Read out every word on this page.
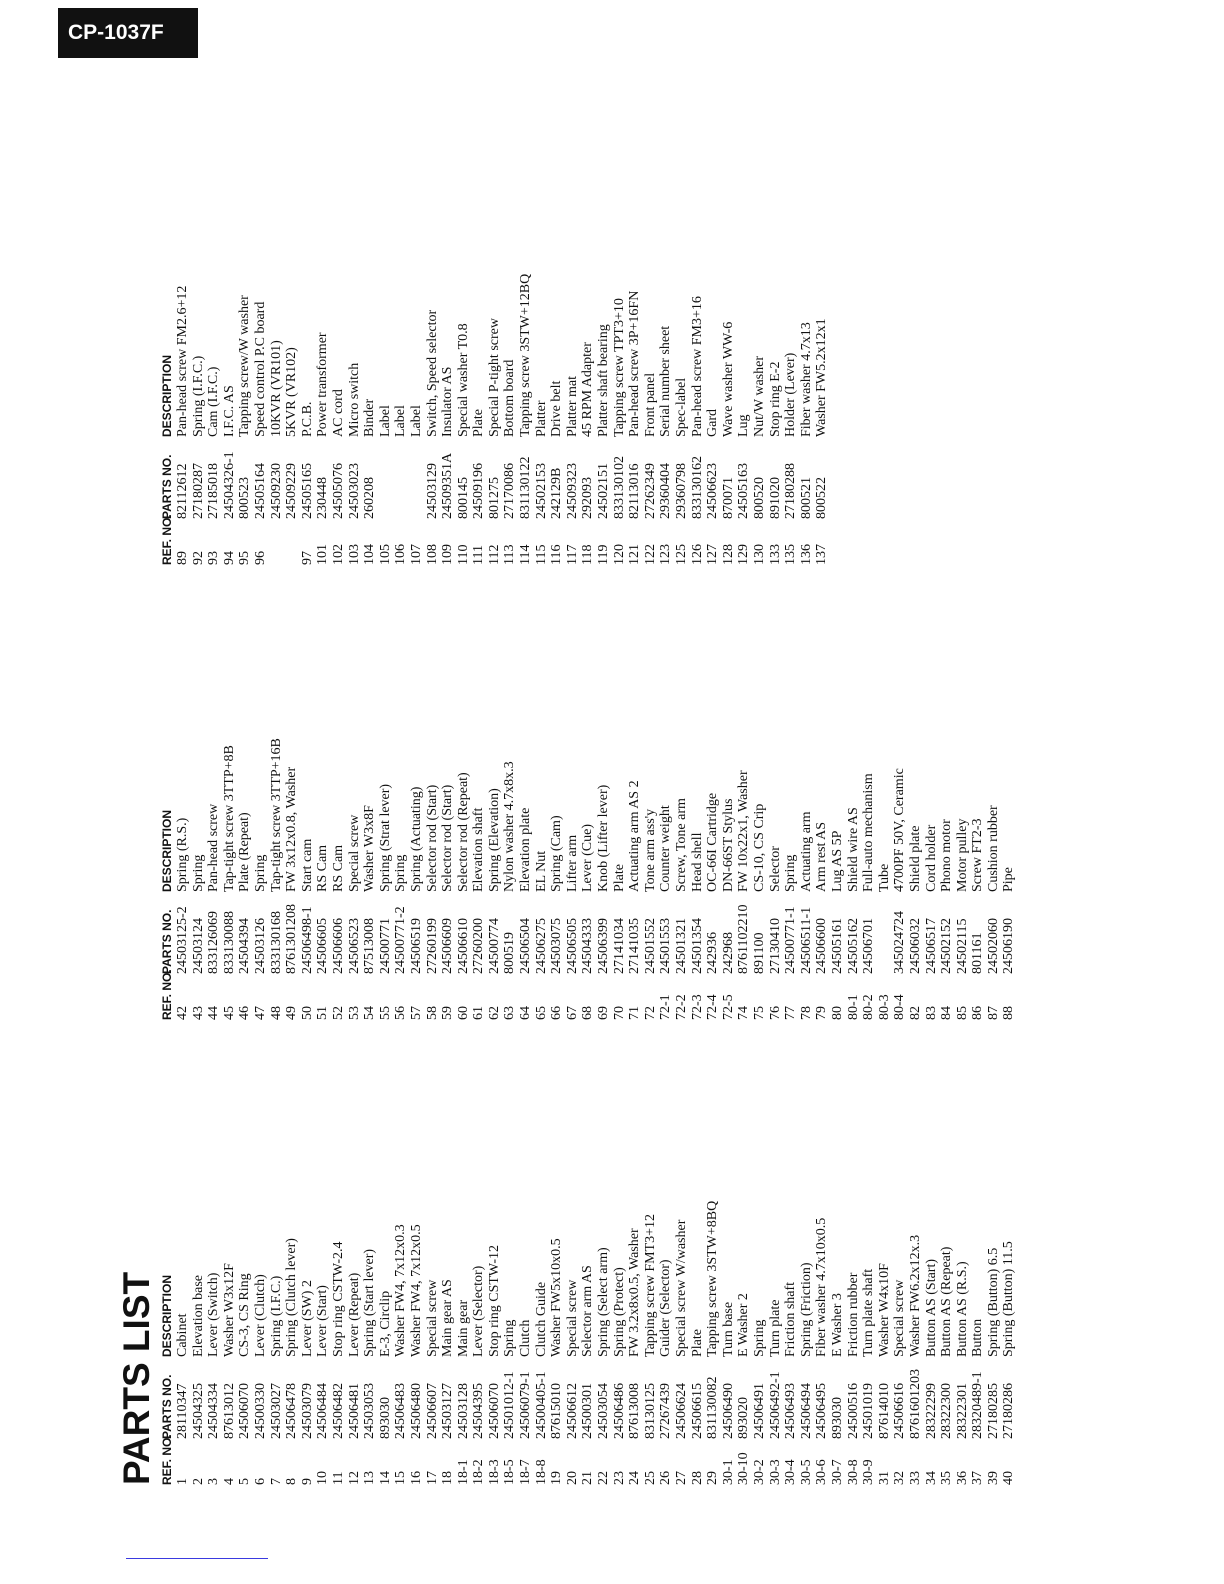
CP-1037F
PARTS LIST REF. NO.
PARTS NO.
DESCRIPTION
1
28110347
Cabinet
2
24504325
Elevation base
3
24504334
Lever (Switch)
4
87613012
Washer W3x12F
5
24506070
CS-3, CS Ring
6
24500330
Lever (Clutch)
7
24503027
Spring (I.F.C.)
8
24506478
Spring (Clutch lever)
9
24503079
Lever (SW) 2
10
24506484
Lever (Start)
11
24506482
Stop ring CSTW-2.4
12
24506481
Lever (Repeat)
13
24503053
Spring (Start lever)
14
893030
E-3, Circlip
15
24506483
Washer FW4, 7x12x0.3
16
24506480
Washer FW4, 7x12x0.5
17
24506607
Special screw
18
24503127
Main gear AS
18-1
24503128
Main gear
18-2
24504395
Lever (Selector)
18-3
24506070
Stop ring CSTW-12
18-5
24501012-1
Spring
18-7
24506079-1
Clutch
18-8
24500405-1
Clutch Guide
19
87615010
Washer FW5x10x0.5
20
24506612
Special screw
21
24500301
Selector arm AS
22
24503054
Spring (Select arm)
23
24506486
Spring (Protect)
24
87613008
FW 3.2x8x0.5, Washer
25
83130125
Tapping screw FMT3+12
26
27267439
Guider (Selector)
27
24506624
Special screw W/washer
28
24506615
Plate
29
831130082
Tapping screw 3STW+8BQ
30-1
24506490
Turn base
30-10
893020
E Washer 2
30-2
24506491
Spring
30-3
24506492-1
Turn plate
30-4
24506493
Friction shaft
30-5
24506494
Spring (Friction)
30-6
24506495
Fiber washer 4.7x10x0.5
30-7
893030
E Washer 3
30-8
24500516
Friction rubber
30-9
24501019
Turn plate shaft
31
87614010
Washer W4x10F
32
24506616
Special screw
33
8761601203
Washer FW6.2x12x.3
34
28322299
Button AS (Start)
35
28322300
Button AS (Repeat)
36
28322301
Button AS (R.S.)
37
28320489-1
Button
39
27180285
Spring (Button) 6.5
40
27180286
Spring (Button) 11.5
REF. NO.
PARTS NO.
DESCRIPTION
42
24503125-2
Spring (R.S.)
43
24503124
Spring
44
833126069
Pan-head screw
45
833130088
Tap-tight screw 3TTP+8B
46
24504394
Plate (Repeat)
47
24503126
Spring
48
833130168
Tap-tight screw 3TTP+16B
49
8761301208
FW 3x12x0.8, Washer
50
24506498-1
Start cam
51
24506605
RS Cam
52
24506606
RS Cam
53
24506523
Special screw
54
87513008
Washer W3x8F
55
24500771
Spring (Strat lever)
56
24500771-2
Spring
57
24506519
Spring (Actuating)
58
27260199
Selector rod (Start)
59
24506609
Selector rod (Start)
60
24506610
Selector rod (Repeat)
61
27260200
Elevation shaft
62
24500774
Spring (Elevation)
63
800519
Nylon washer 4.7x8x.3
64
24506504
Elevation plate
65
24506275
EL Nut
66
24503075
Spring (Cam)
67
24506505
Lifter arm
68
24504333
Lever (Cue)
69
24506399
Knob (Lifter lever)
70
27141034
Plate
71
27141035
Actuating arm AS 2
72
24501552
Tone arm ass'y
72-1
24501553
Counter weight
72-2
24501321
Screw, Tone arm
72-3
24501354
Head shell
72-4
242936
OC-66I Cartridge
72-5
242968
DN-66ST Stylus
74
8761102210
FW 10x22x1, Washer
75
891100
CS-10, CS Crip
76
27130410
Selector
77
24500771-1
Spring
78
24506511-1
Actuating arm
79
24506600
Arm rest AS
80
24505161
Lug AS 5P
80-1
24505162
Shield wire AS
80-2
24506701
Full-auto mechanism
80-3
Tube
80-4
345024724
4700PF 50V, Ceramic
82
24506032
Shield plate
83
24506517
Cord holder
84
24502152
Phono motor
85
24502115
Motor pulley
86
801161
Screw FT2-3
87
24502060
Cushion rubber
88
24506190
Pipe
REF. NO.
PARTS NO.
DESCRIPTION
89
82112612
Pan-head screw FM2.6+12
92
27180287
Spring (I.F.C.)
93
27185018
Cam (I.F.C.)
94
24504326-1
I.F.C. AS
95
800523
Tapping screw/W washer
96
24505164
Speed control P.C board
24509230
10KVR (VR101)
24509229
5KVR (VR102)
97
24505165
P.C.B.
101
230448
Power transformer
102
24505076
AC cord
103
24503023
Micro switch
104
260208
Binder
105
Label
106
Label
107
Label
108
24503129
Switch, Speed selector
109
24509351A
Insulator AS
110
800145
Special washer T0.8
111
24509196
Plate
112
801275
Special P-tight screw
113
27170086
Bottom board
114
831130122
Tapping screw 3STW+12BQ
115
24502153
Platter
116
242129B
Drive belt
117
24509323
Platter mat
118
292093
45 RPM Adapter
119
24502151
Platter shaft bearing
120
833130102
Tapping screw TPT3+10
121
82113016
Pan-head screw 3P+16FN
122
27262349
Front panel
123
29360404
Serial number sheet
125
29360798
Spec-label
126
833130162
Pan-head screw FM3+16
127
24506623
Gard
128
870071
Wave washer WW-6
129
24505163
Lug
130
800520
Nut/W washer
133
891020
Stop ring E-2
135
27180288
Holder (Lever)
136
800521
Fiber washer 4.7x13
137
800522
Washer FW5.2x12x1
